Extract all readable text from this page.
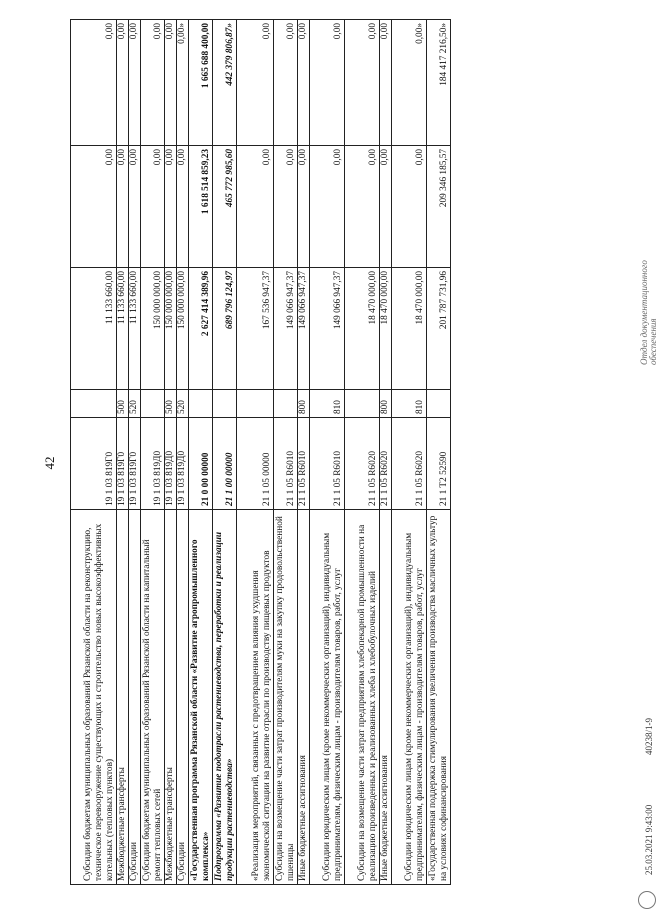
42
Субсидии бюджетам муниципальных образований Рязанской области на реконструкцию, техническое перевооружение существующих и строительство новых высокоэффективных котельных (тепловых пунктов)	19 1 03 819Г0		11 133 660,00	0,00	0,00
Межбюджетные трансферты	19 1 03 819Г0	500	11 133 660,00	0,00	0,00
Субсидии	19 1 03 819Г0	520	11 133 660,00	0,00	0,00
Субсидии бюджетам муниципальных образований Рязанской области на капитальный ремонт тепловых сетей	19 1 03 819Д0		150 000 000,00	0,00	0,00
Межбюджетные трансферты	19 1 03 819Д0	500	150 000 000,00	0,00	0,00
Субсидии	19 1 03 819Д0	520	150 000 000,00	0,00	0,00»
«Государственная программа Рязанской области «Развитие агропромышленного комплекса»	21 0 00 00000		2 627 414 389,96	1 618 514 859,23	1 665 688 400,00
Подпрограмма «Развитие подотрасли растениеводства, переработки и реализации продукции растениеводства»	21 1 00 00000		689 796 124,97	465 772 985,60	442 379 806,87»
«Реализация мероприятий, связанных с предотвращением влияния ухудшения экономической ситуации на развитие отрасли по производству пищевых продуктов	21 1 05 00000		167 536 947,37	0,00	0,00
Субсидии на возмещение части затрат производителям муки на закупку продовольственной пшеницы	21 1 05 R6010		149 066 947,37	0,00	0,00
Иные бюджетные ассигнования	21 1 05 R6010	800	149 066 947,37	0,00	0,00
Субсидии юридическим лицам (кроме некоммерческих организаций), индивидуальным предпринимателям, физическим лицам - производителям товаров, работ, услуг	21 1 05 R6010	810	149 066 947,37	0,00	0,00
Субсидии на возмещение части затрат предприятиям хлебопекарной промышленности на реализацию произведенных и реализованных хлеба и хлебобулочных изделий	21 1 05 R6020		18 470 000,00	0,00	0,00
Иные бюджетные ассигнования	21 1 05 R6020	800	18 470 000,00	0,00	0,00
Субсидии юридическим лицам (кроме некоммерческих организаций), индивидуальным предпринимателям, физическим лицам - производителям товаров, работ, услуг	21 1 05 R6020	810	18 470 000,00	0,00	0,00»
«Государственная поддержка стимулирования увеличения производства масличных культур на условиях софинансирования	21 1 T2 52590		201 787 731,96	209 346 185,57	184 417 216,50»
25.03.2021 9:43:00
40238/1-9
Отдел документационного обеспечения
